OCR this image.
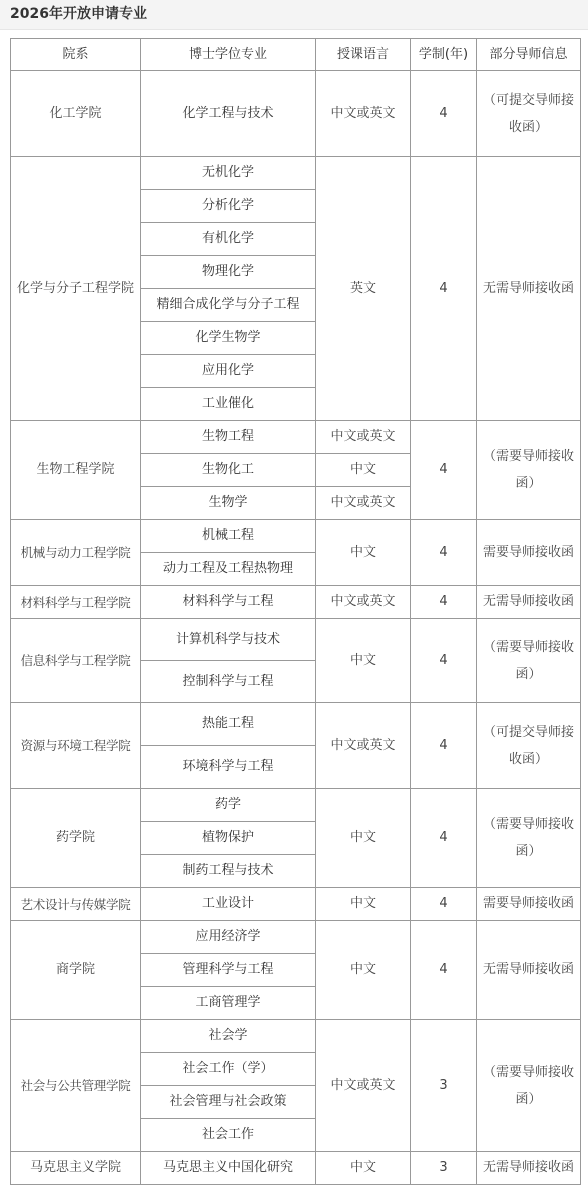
2026年开放申请专业
院系	博士学位专业	授课语言	学制(年)	部分导师信息
化工学院	化学工程与技术	中文或英文	4	（可提交导师接收函）
化学与分子工程学院	无机化学	英文	4	无需导师接收函
	分析化学			
	有机化学			
	物理化学			
	精细合成化学与分子工程			
	化学生物学			
	应用化学			
	工业催化			
生物工程学院	生物工程	中文或英文	4	（需要导师接收函）
	生物化工	中文		
	生物学	中文或英文		
机械与动力工程学院	机械工程	中文	4	需要导师接收函
	动力工程及工程热物理			
材料科学与工程学院	材料科学与工程	中文或英文	4	无需导师接收函
信息科学与工程学院	计算机科学与技术	中文	4	（需要导师接收函）
	控制科学与工程			
资源与环境工程学院	热能工程	中文或英文	4	（可提交导师接收函）
	环境科学与工程			
药学院	药学	中文	4	（需要导师接收函）
	植物保护			
	制药工程与技术			
艺术设计与传媒学院	工业设计	中文	4	需要导师接收函
商学院	应用经济学	中文	4	无需导师接收函
	管理科学与工程			
	工商管理学			
社会与公共管理学院	社会学	中文或英文	3	（需要导师接收函）
	社会工作（学）			
	社会管理与社会政策			
	社会工作			
马克思主义学院	马克思主义中国化研究	中文	3	无需导师接收函
